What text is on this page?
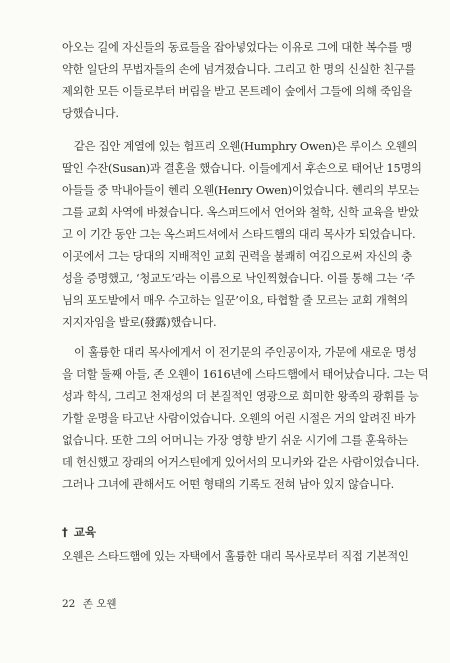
아오는 길에 자신들의 동료들을 잡아넣었다는 이유로 그에 대한 복수를 맹
약한 일단의 무법자들의 손에 넘겨졌습니다. 그리고 한 명의 신실한 친구를
제외한 모든 이들로부터 버림을 받고 몬트레이 숲에서 그들에 의해 죽임을
당했습니다.
같은 집안 계열에 있는 험프리 오웬(Humphry Owen)은 루이스 오웬의
딸인 수잔(Susan)과 결혼을 했습니다. 이들에게서 후손으로 태어난 15명의
아들들 중 막내아들이 헨리 오웬(Henry Owen)이었습니다. 헨리의 부모는
그를 교회 사역에 바쳤습니다. 옥스퍼드에서 언어와 철학, 신학 교육을 받았
고 이 기간 동안 그는 옥스퍼드셔에서 스타드햄의 대리 목사가 되었습니다.
이곳에서 그는 당대의 지배적인 교회 권력을 불쾌히 여김으로써 자신의 충
성을 증명했고, ‘청교도’라는 이름으로 낙인찍혔습니다. 이를 통해 그는 ‘주
님의 포도밭에서 매우 수고하는 일꾼’이요, 타협할 줄 모르는 교회 개혁의
지지자임을 발로(發露)했습니다.
이 훌륭한 대리 목사에게서 이 전기문의 주인공이자, 가문에 새로운 명성
을 더할 둘째 아들, 존 오웬이 1616년에 스타드햄에서 태어났습니다. 그는 덕
성과 학식, 그리고 천재성의 더 본질적인 영광으로 희미한 왕족의 광휘를 능
가할 운명을 타고난 사람이었습니다. 오웬의 어린 시절은 거의 알려진 바가
없습니다. 또한 그의 어머니는 가장 영향 받기 쉬운 시기에 그를 훈육하는
데 헌신했고 장래의 어거스틴에게 있어서의 모니카와 같은 사람이었습니다.
그러나 그녀에 관해서도 어떤 형태의 기록도 전혀 남아 있지 않습니다.
† 교육
오웬은 스타드햄에 있는 자택에서 훌륭한 대리 목사로부터 직접 기본적인
22 존 오웬
